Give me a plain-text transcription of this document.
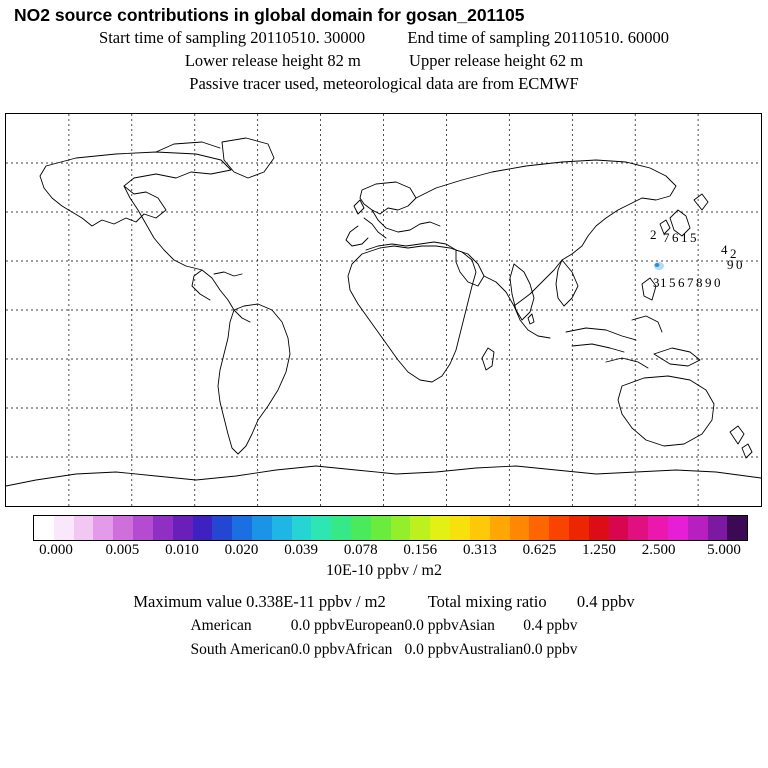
NO2 source contributions in global domain for gosan_201105
Start time of sampling 20110510. 30000	End time of sampling 20110510. 60000
Lower release height 82 m	Upper release height 62 m
Passive tracer used, meteorological data are from ECMWF
2 7 6 1 5
4 2
9 0
3 1 5 6 7 8 9 0
0.000 0.005 0.010 0.020 0.039 0.078 0.156 0.313 0.625 1.250 2.500 5.000
10E-10 ppbv / m2
Maximum value 0.338E-11 ppbv / m2	Total mixing ratio 0.4 ppbv
American	0.0 ppbv	European	0.0 ppbv	Asian	0.4 ppbv
South American	0.0 ppbv	African	0.0 ppbv	Australian	0.0 ppbv
